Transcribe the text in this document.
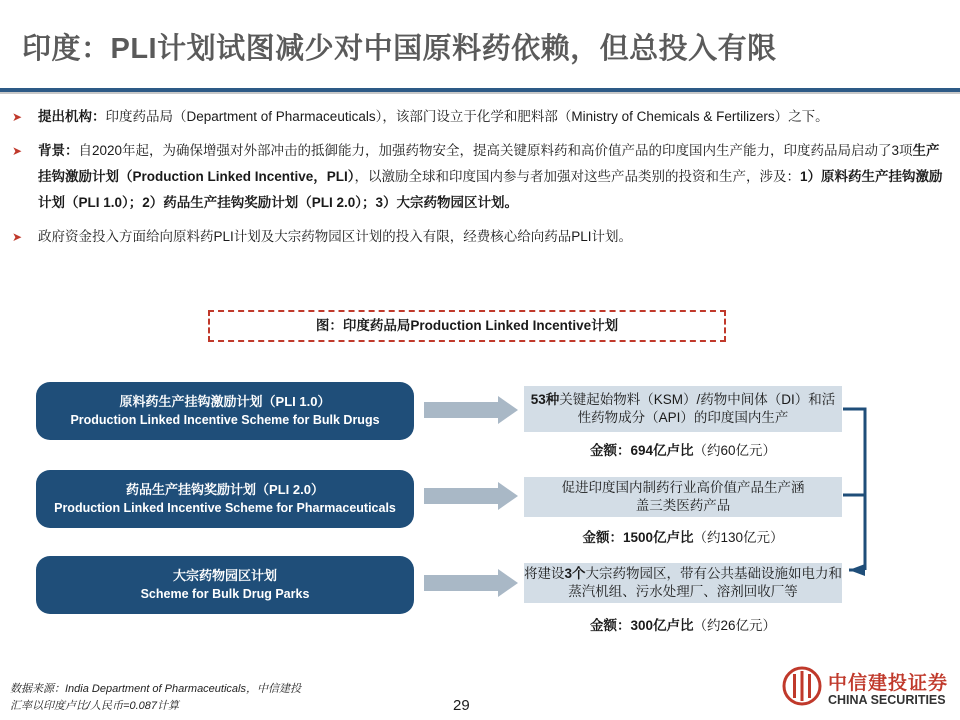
印度：PLI计划试图减少对中国原料药依赖，但总投入有限
➤ 提出机构：印度药品局（Department of Pharmaceuticals），该部门设立于化学和肥料部（Ministry of Chemicals & Fertilizers）之下。
➤ 背景：自2020年起，为确保增强对外部冲击的抵御能力，加强药物安全，提高关键原料药和高价值产品的印度国内生产能力，印度药品局启动了3项生产挂钩激励计划（Production Linked Incentive，PLI），以激励全球和印度国内参与者加强对这些产品类别的投资和生产，涉及：1）原料药生产挂钩激励计划（PLI 1.0）；2）药品生产挂钩奖励计划（PLI 2.0）；3）大宗药物园区计划。
➤ 政府资金投入方面给向原料药PLI计划及大宗药物园区计划的投入有限，经费核心给向药品PLI计划。
图：印度药品局Production Linked Incentive计划
原料药生产挂钩激励计划（PLI 1.0）
Production Linked Incentive Scheme for Bulk Drugs
53种关键起始物料（KSM）/药物中间体（DI）和活性药物成分（API）的印度国内生产
金额：694亿卢比（约60亿元）
药品生产挂钩奖励计划（PLI 2.0）
Production Linked Incentive Scheme for Pharmaceuticals
促进印度国内制药行业高价值产品生产涵盖三类医药产品
金额：1500亿卢比（约130亿元）
大宗药物园区计划
Scheme for Bulk Drug Parks
将建设3个大宗药物园区，带有公共基础设施如电力和蒸汽机组、污水处理厂、溶剂回收厂等
金额：300亿卢比（约26亿元）
数据来源：India Department of Pharmaceuticals，中信建投
汇率以印度卢比/人民币=0.087计算	29
中信建投证券
CHINA SECURITIES
